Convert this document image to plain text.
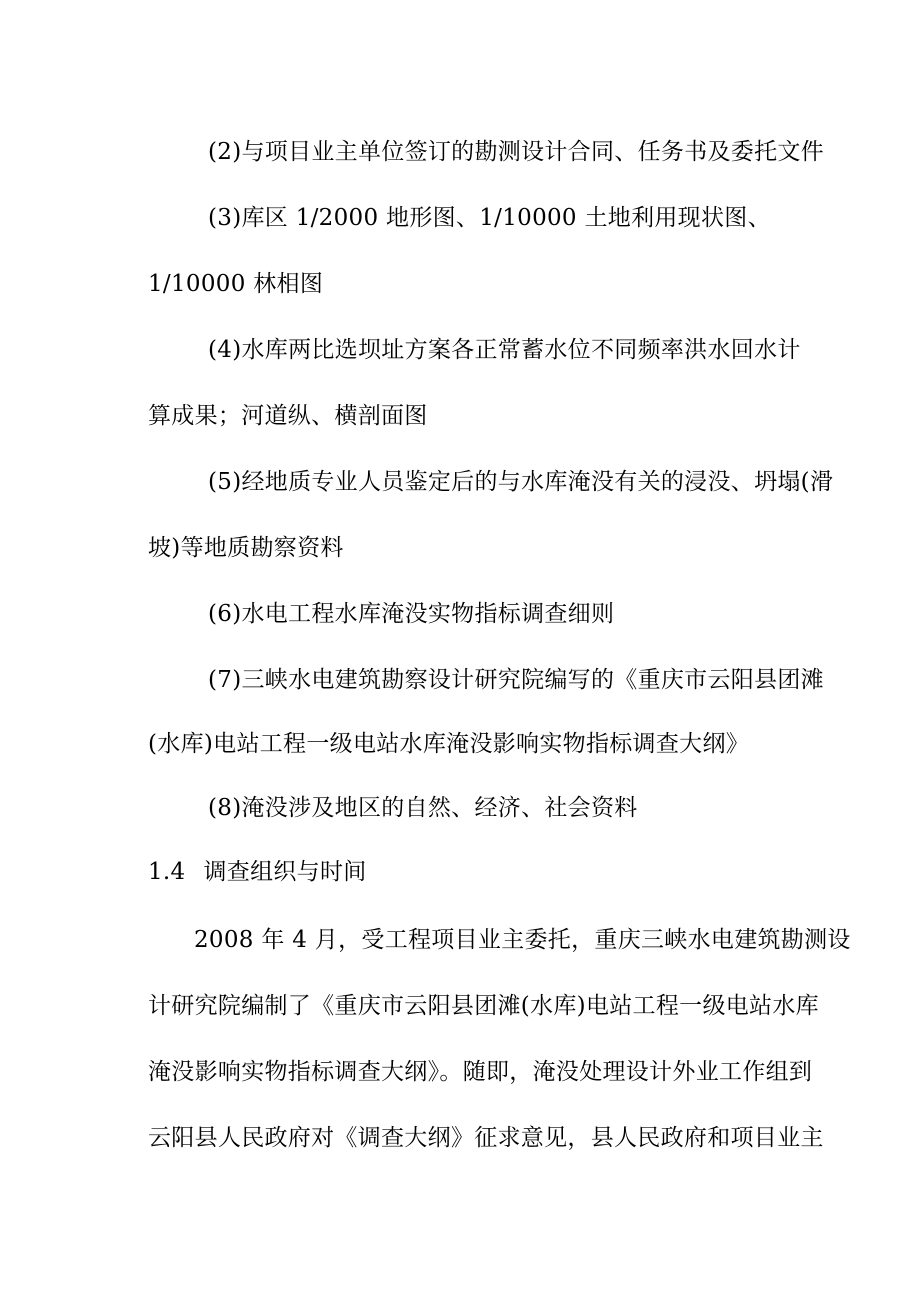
(2)与项目业主单位签订的勘测设计合同、任务书及委托文件
(3)库区 1/2000 地形图、1/10000 土地利用现状图、
1/10000 林相图
(4)水库两比选坝址方案各正常蓄水位不同频率洪水回水计
算成果；河道纵、横剖面图
(5)经地质专业人员鉴定后的与水库淹没有关的浸没、坍塌(滑
坡)等地质勘察资料
(6)水电工程水库淹没实物指标调查细则
(7)三峡水电建筑勘察设计研究院编写的《重庆市云阳县团滩
(水库)电站工程一级电站水库淹没影响实物指标调查大纲》
(8)淹没涉及地区的自然、经济、社会资料
1.4 调查组织与时间
2008 年 4 月，受工程项目业主委托，重庆三峡水电建筑勘测设
计研究院编制了《重庆市云阳县团滩(水库)电站工程一级电站水库
淹没影响实物指标调查大纲》。随即，淹没处理设计外业工作组到
云阳县人民政府对《调查大纲》征求意见，县人民政府和项目业主
